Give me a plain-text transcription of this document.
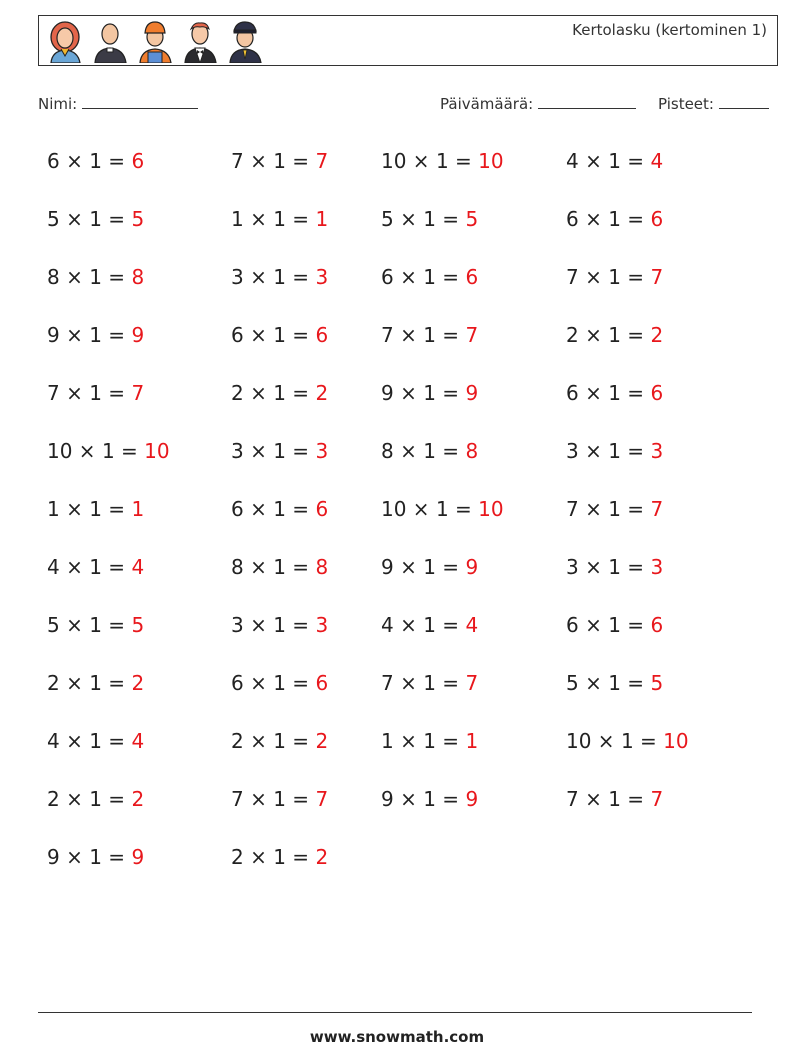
Kertolasku (kertominen 1)
Nimi:	Päivämäärä:	Pisteet:
6 × 1 = 6	7 × 1 = 7	10 × 1 = 10	4 × 1 = 4
5 × 1 = 5	1 × 1 = 1	5 × 1 = 5	6 × 1 = 6
8 × 1 = 8	3 × 1 = 3	6 × 1 = 6	7 × 1 = 7
9 × 1 = 9	6 × 1 = 6	7 × 1 = 7	2 × 1 = 2
7 × 1 = 7	2 × 1 = 2	9 × 1 = 9	6 × 1 = 6
10 × 1 = 10	3 × 1 = 3	8 × 1 = 8	3 × 1 = 3
1 × 1 = 1	6 × 1 = 6	10 × 1 = 10	7 × 1 = 7
4 × 1 = 4	8 × 1 = 8	9 × 1 = 9	3 × 1 = 3
5 × 1 = 5	3 × 1 = 3	4 × 1 = 4	6 × 1 = 6
2 × 1 = 2	6 × 1 = 6	7 × 1 = 7	5 × 1 = 5
4 × 1 = 4	2 × 1 = 2	1 × 1 = 1	10 × 1 = 10
2 × 1 = 2	7 × 1 = 7	9 × 1 = 9	7 × 1 = 7
9 × 1 = 9	2 × 1 = 2
www.snowmath.com
